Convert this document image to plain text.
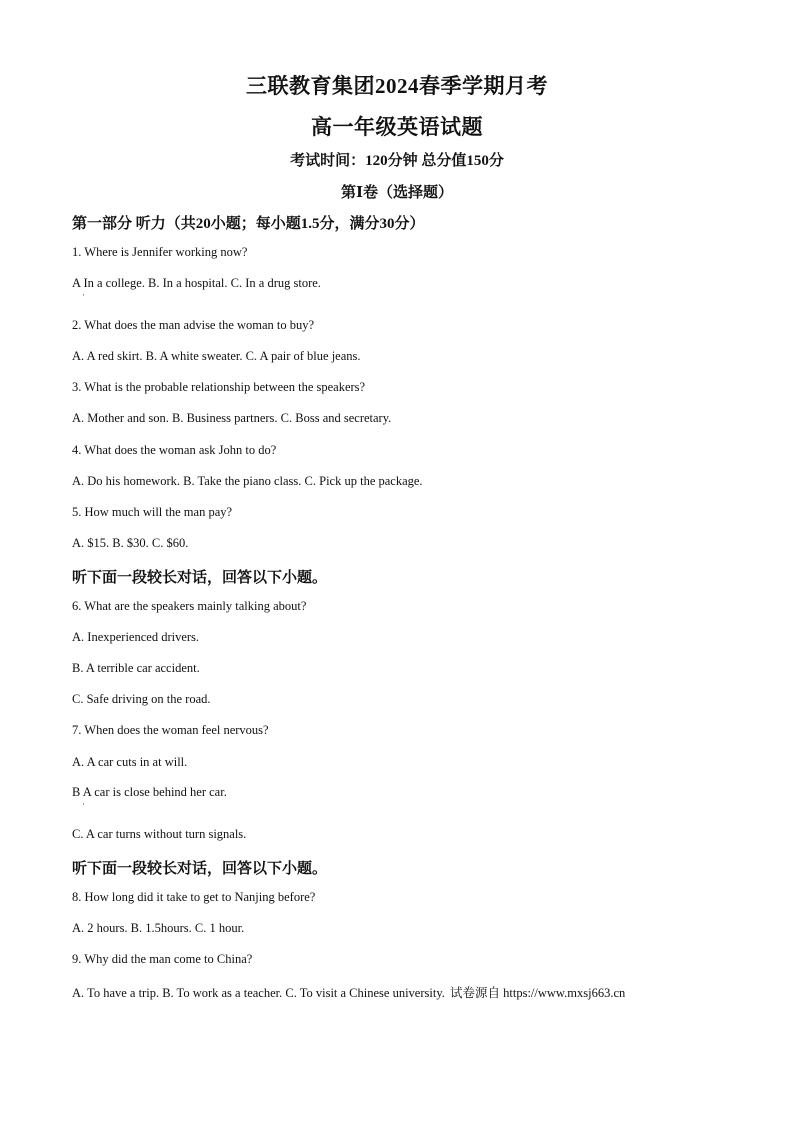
三联教育集团2024春季学期月考
高一年级英语试题
考试时间：120分钟 总分值150分
第Ⅰ卷（选择题）
第一部分 听力（共20小题；每小题1.5分，满分30分）
1. Where is Jennifer working now?
A In a college. B. In a hospital. C. In a drug store.
·
2. What does the man advise the woman to buy?
A. A red skirt. B. A white sweater. C. A pair of blue jeans.
3. What is the probable relationship between the speakers?
A. Mother and son. B. Business partners. C. Boss and secretary.
4. What does the woman ask John to do?
A. Do his homework. B. Take the piano class. C. Pick up the package.
5. How much will the man pay?
A. $15. B. $30. C. $60.
听下面一段较长对话，回答以下小题。
6. What are the speakers mainly talking about?
A. Inexperienced drivers.
B. A terrible car accident.
C. Safe driving on the road.
7. When does the woman feel nervous?
A. A car cuts in at will.
B A car is close behind her car.
·
C. A car turns without turn signals.
听下面一段较长对话，回答以下小题。
8. How long did it take to get to Nanjing before?
A. 2 hours. B. 1.5hours. C. 1 hour.
9. Why did the man come to China?
A. To have a trip. B. To work as a teacher. C. To visit a Chinese university. 试卷源自 https://www.mxsj663.cn
